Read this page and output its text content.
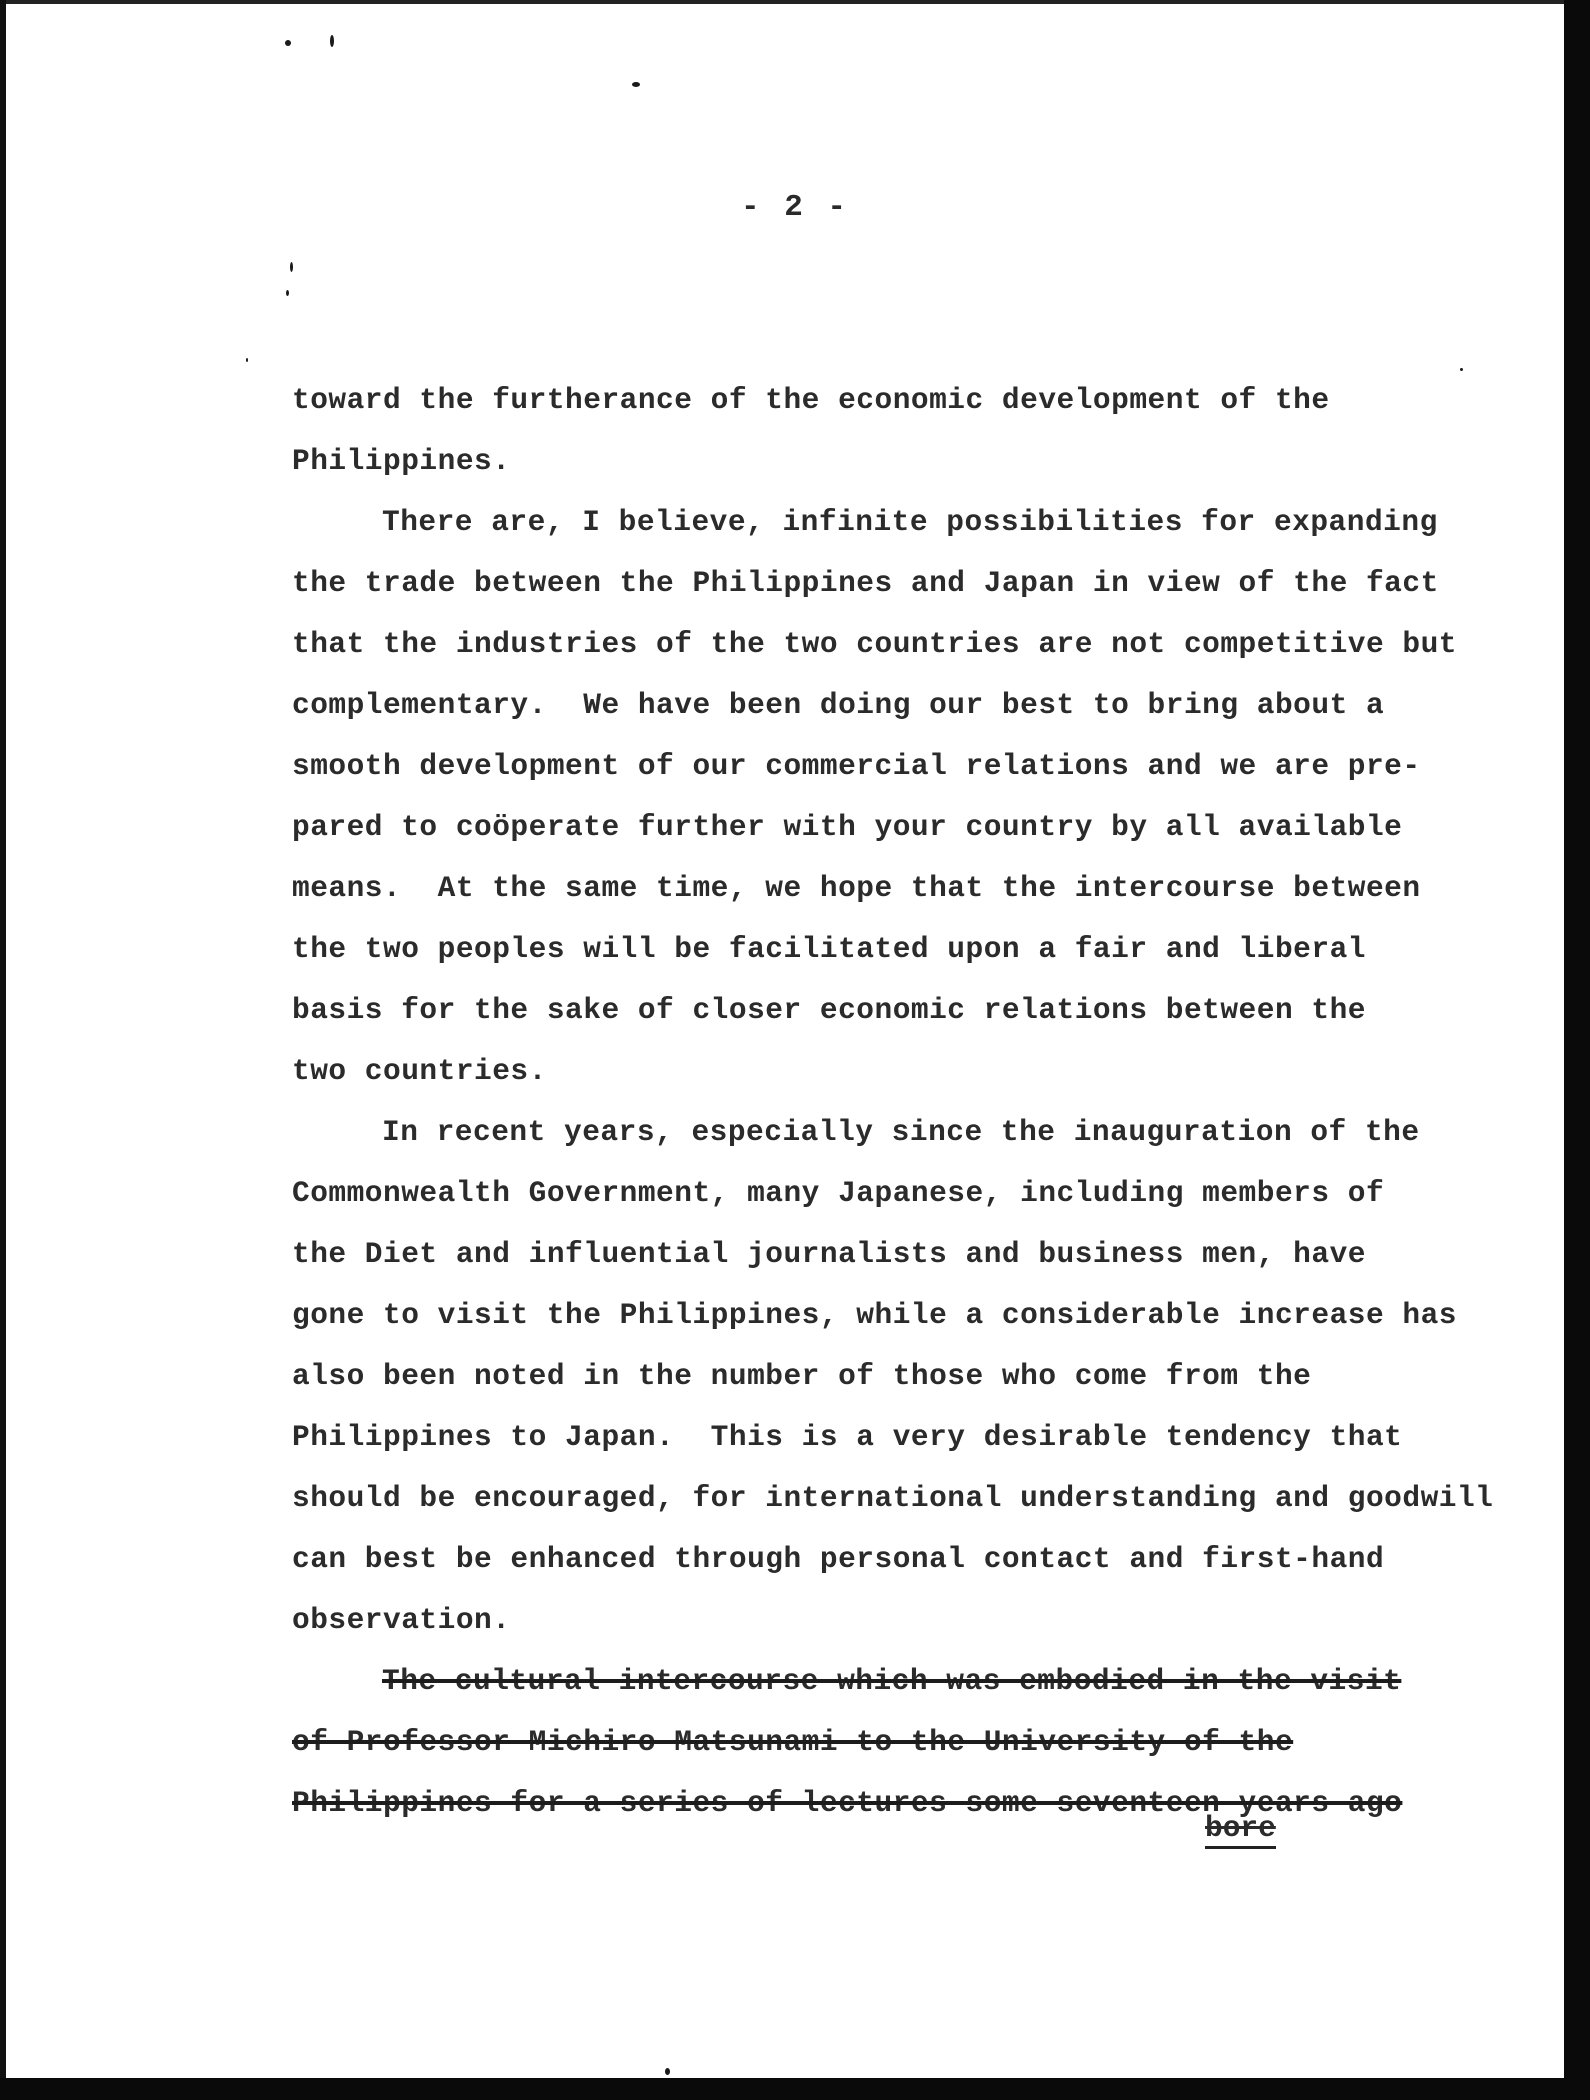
- 2 -
toward the furtherance of the economic development of the
Philippines.
There are, I believe, infinite possibilities for expanding
the trade between the Philippines and Japan in view of the fact
that the industries of the two countries are not competitive but
complementary.  We have been doing our best to bring about a
smooth development of our commercial relations and we are pre-
pared to coöperate further with your country by all available
means.  At the same time, we hope that the intercourse between
the two peoples will be facilitated upon a fair and liberal
basis for the sake of closer economic relations between the
two countries.
In recent years, especially since the inauguration of the
Commonwealth Government, many Japanese, including members of
the Diet and influential journalists and business men, have
gone to visit the Philippines, while a considerable increase has
also been noted in the number of those who come from the
Philippines to Japan.  This is a very desirable tendency that
should be encouraged, for international understanding and goodwill
can best be enhanced through personal contact and first-hand
observation.
The cultural intercourse which was embodied in the visit
of Professor Michiro Matsunami to the University of the
Philippines for a series of lectures some seventeen years ago
bore
